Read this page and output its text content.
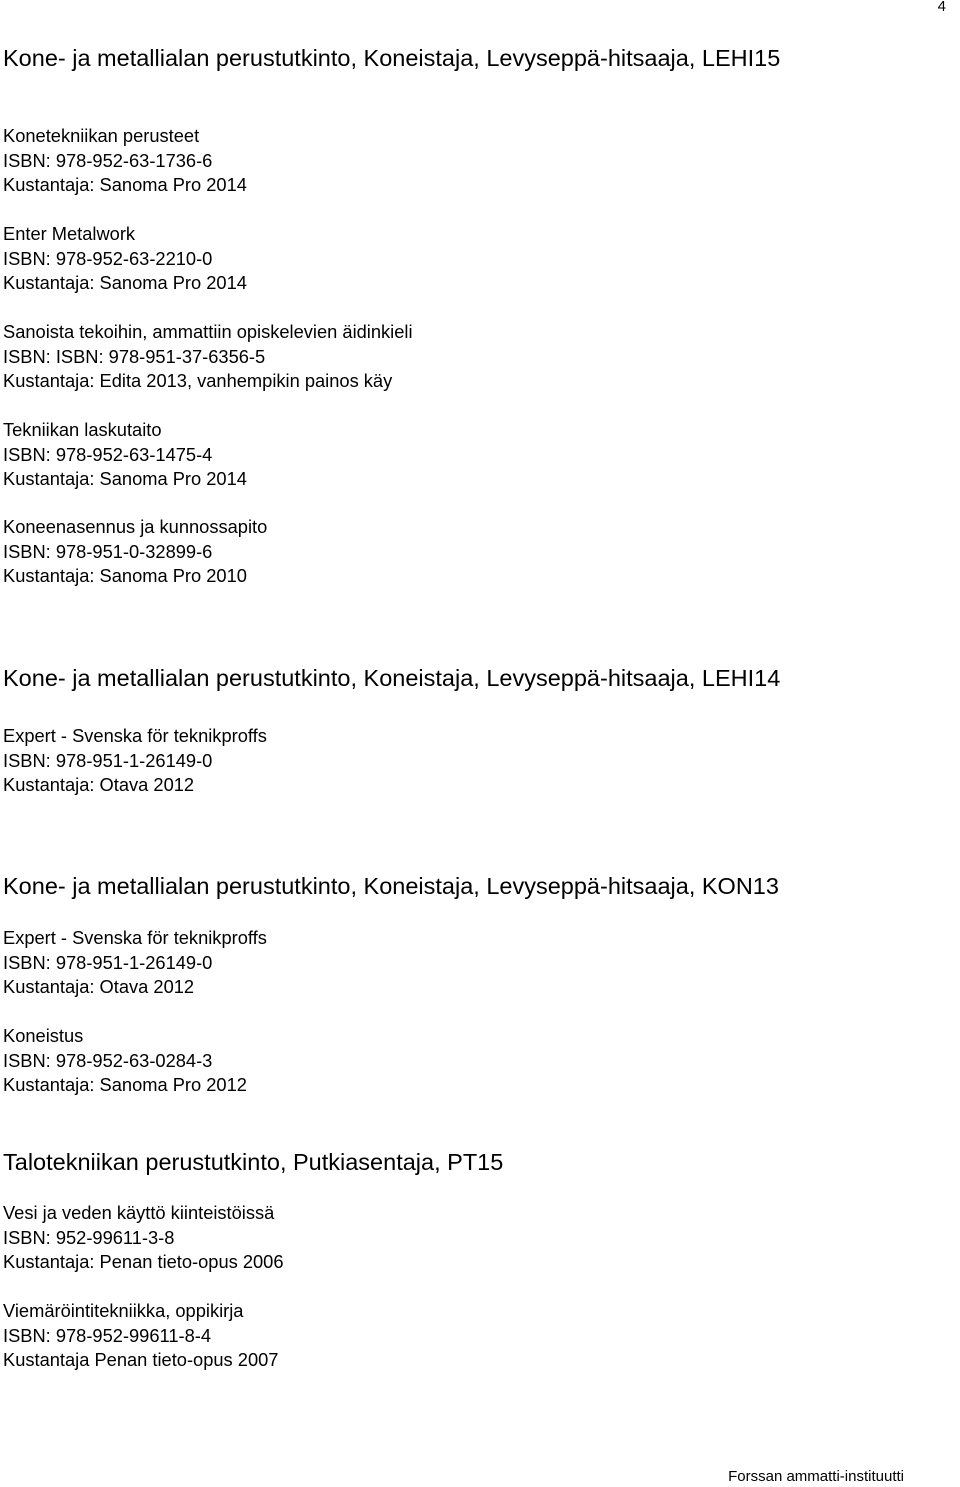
4
Kone- ja metallialan perustutkinto, Koneistaja, Levyseppä-hitsaaja, LEHI15
Konetekniikan perusteet
ISBN: 978-952-63-1736-6
Kustantaja: Sanoma Pro 2014
Enter Metalwork
ISBN: 978-952-63-2210-0
Kustantaja: Sanoma Pro 2014
Sanoista tekoihin, ammattiin opiskelevien äidinkieli
ISBN: ISBN: 978-951-37-6356-5
Kustantaja: Edita 2013, vanhempikin painos käy
Tekniikan laskutaito
ISBN: 978-952-63-1475-4
Kustantaja: Sanoma Pro 2014
Koneenasennus ja kunnossapito
ISBN: 978-951-0-32899-6
Kustantaja: Sanoma Pro 2010
Kone- ja metallialan perustutkinto, Koneistaja, Levyseppä-hitsaaja, LEHI14
Expert - Svenska för teknikproffs
ISBN: 978-951-1-26149-0
Kustantaja: Otava 2012
Kone- ja metallialan perustutkinto, Koneistaja, Levyseppä-hitsaaja, KON13
Expert - Svenska för teknikproffs
ISBN: 978-951-1-26149-0
Kustantaja: Otava 2012
Koneistus
ISBN: 978-952-63-0284-3
Kustantaja: Sanoma Pro 2012
Talotekniikan perustutkinto, Putkiasentaja, PT15
Vesi ja veden käyttö kiinteistöissä
ISBN: 952-99611-3-8
Kustantaja: Penan tieto-opus 2006
Viemäröintitekniikka, oppikirja
ISBN: 978-952-99611-8-4
Kustantaja Penan tieto-opus 2007
Forssan ammatti-instituutti
